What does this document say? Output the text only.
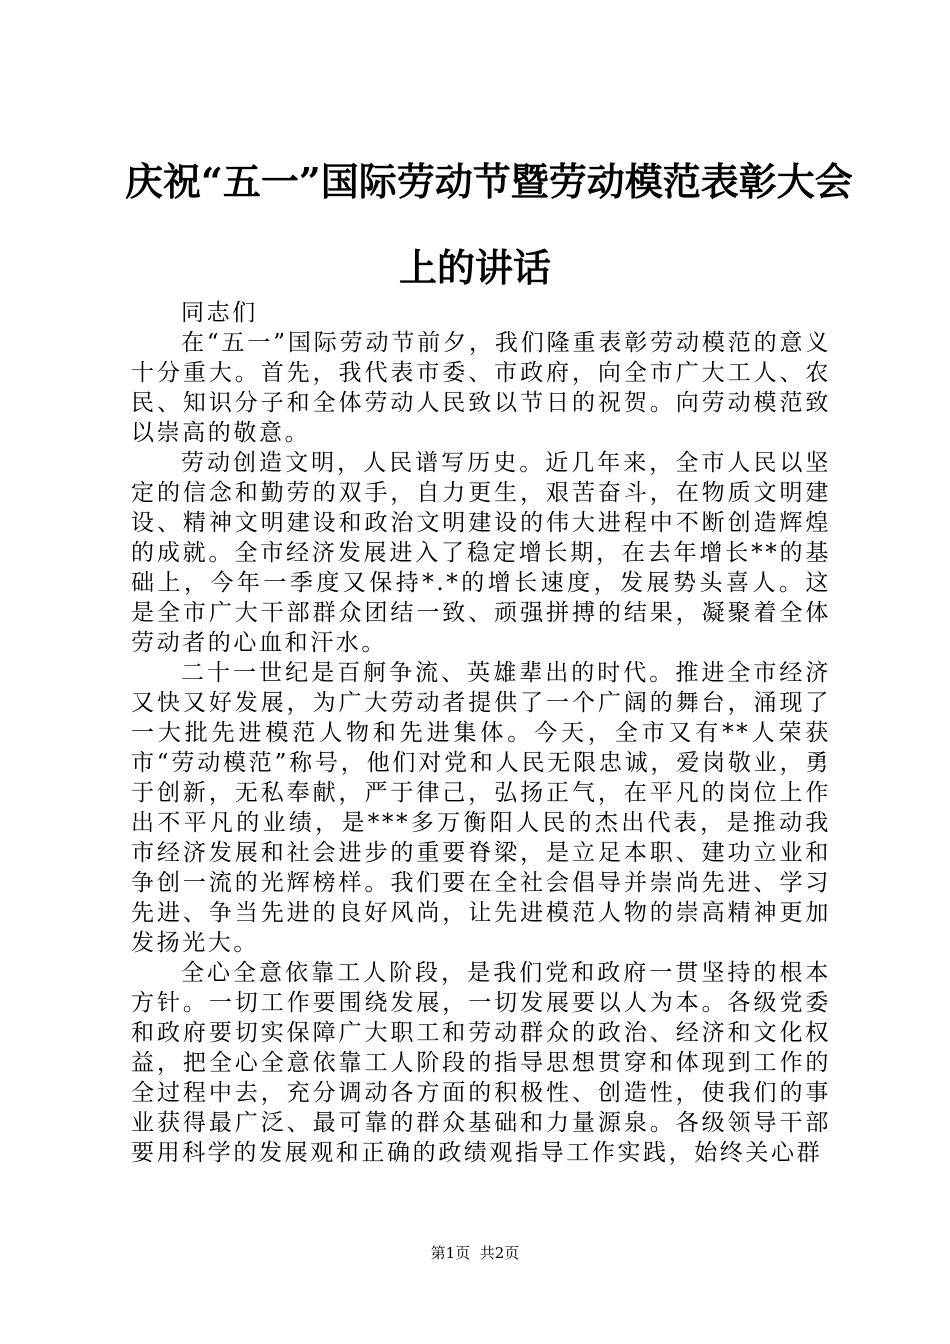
庆祝“五一”国际劳动节暨劳动模范表彰大会
上的讲话

同志们

在“五一”国际劳动节前夕，我们隆重表彰劳动模范的意义十分重大。首先，我代表市委、市政府，向全市广大工人、农民、知识分子和全体劳动人民致以节日的祝贺。向劳动模范致以崇高的敬意。

劳动创造文明，人民谱写历史。近几年来，全市人民以坚定的信念和勤劳的双手，自力更生，艰苦奋斗，在物质文明建设、精神文明建设和政治文明建设的伟大进程中不断创造辉煌的成就。全市经济发展进入了稳定增长期，在去年增长**的基础上，今年一季度又保持*.*的增长速度，发展势头喜人。这是全市广大干部群众团结一致、顽强拼搏的结果，凝聚着全体劳动者的心血和汗水。

二十一世纪是百舸争流、英雄辈出的时代。推进全市经济又快又好发展，为广大劳动者提供了一个广阔的舞台，涌现了一大批先进模范人物和先进集体。今天，全市又有**人荣获市“劳动模范”称号，他们对党和人民无限忠诚，爱岗敬业，勇于创新，无私奉献，严于律己，弘扬正气，在平凡的岗位上作出不平凡的业绩，是***多万衡阳人民的杰出代表，是推动我市经济发展和社会进步的重要脊梁，是立足本职、建功立业和争创一流的光辉榜样。我们要在全社会倡导并崇尚先进、学习先进、争当先进的良好风尚，让先进模范人物的崇高精神更加发扬光大。

全心全意依靠工人阶段，是我们党和政府一贯坚持的根本方针。一切工作要围绕发展，一切发展要以人为本。各级党委和政府要切实保障广大职工和劳动群众的政治、经济和文化权益，把全心全意依靠工人阶段的指导思想贯穿和体现到工作的全过程中去，充分调动各方面的积极性、创造性，使我们的事业获得最广泛、最可靠的群众基础和力量源泉。各级领导干部要用科学的发展观和正确的政绩观指导工作实践，始终关心群

第1页 共2页
